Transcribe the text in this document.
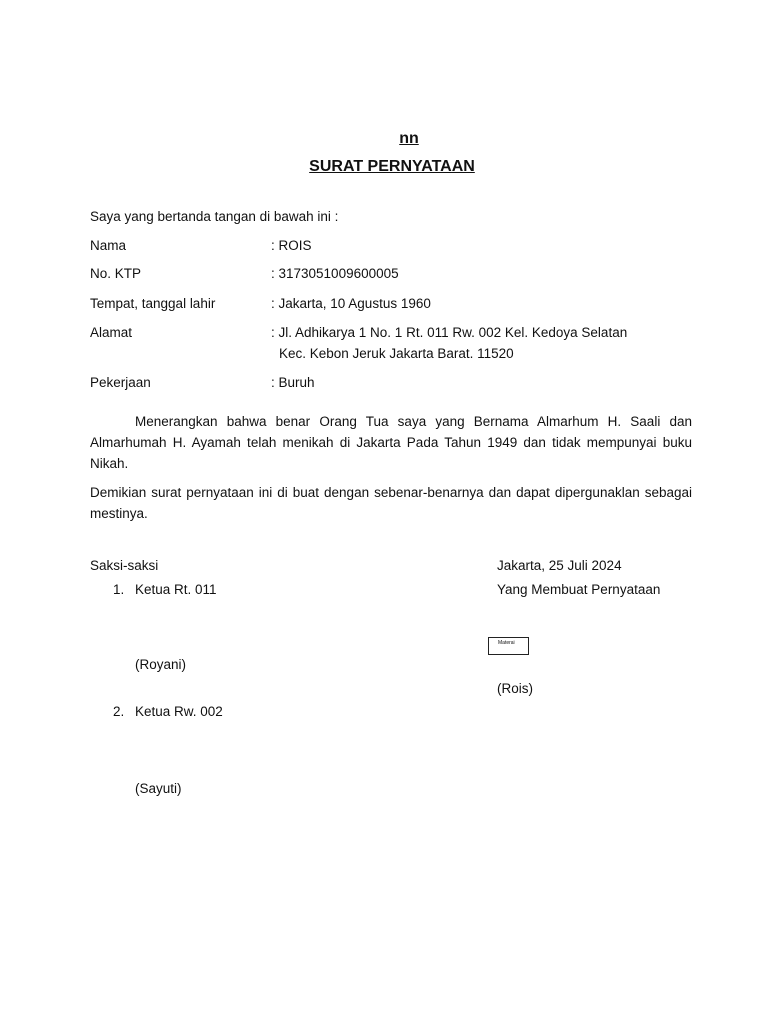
nn
SURAT PERNYATAAN
Saya yang bertanda tangan di bawah ini :
Nama	: ROIS
No. KTP	: 3173051009600005
Tempat, tanggal lahir	: Jakarta, 10 Agustus 1960
Alamat	: Jl. Adhikarya 1 No. 1 Rt. 011 Rw. 002 Kel. Kedoya Selatan
Kec. Kebon Jeruk Jakarta Barat. 11520
Pekerjaan	: Buruh
Menerangkan bahwa benar Orang Tua saya yang Bernama Almarhum H. Saali dan Almarhumah H. Ayamah telah menikah di Jakarta Pada Tahun 1949 dan tidak mempunyai buku Nikah.
Demikian surat pernyataan ini di buat dengan sebenar-benarnya dan dapat dipergunaklan sebagai mestinya.
Saksi-saksi
1. Ketua Rt. 011
(Royani)
2. Ketua Rw. 002
(Sayuti)
Jakarta, 25 Juli 2024
Yang Membuat Pernyataan
Materai
(Rois)
